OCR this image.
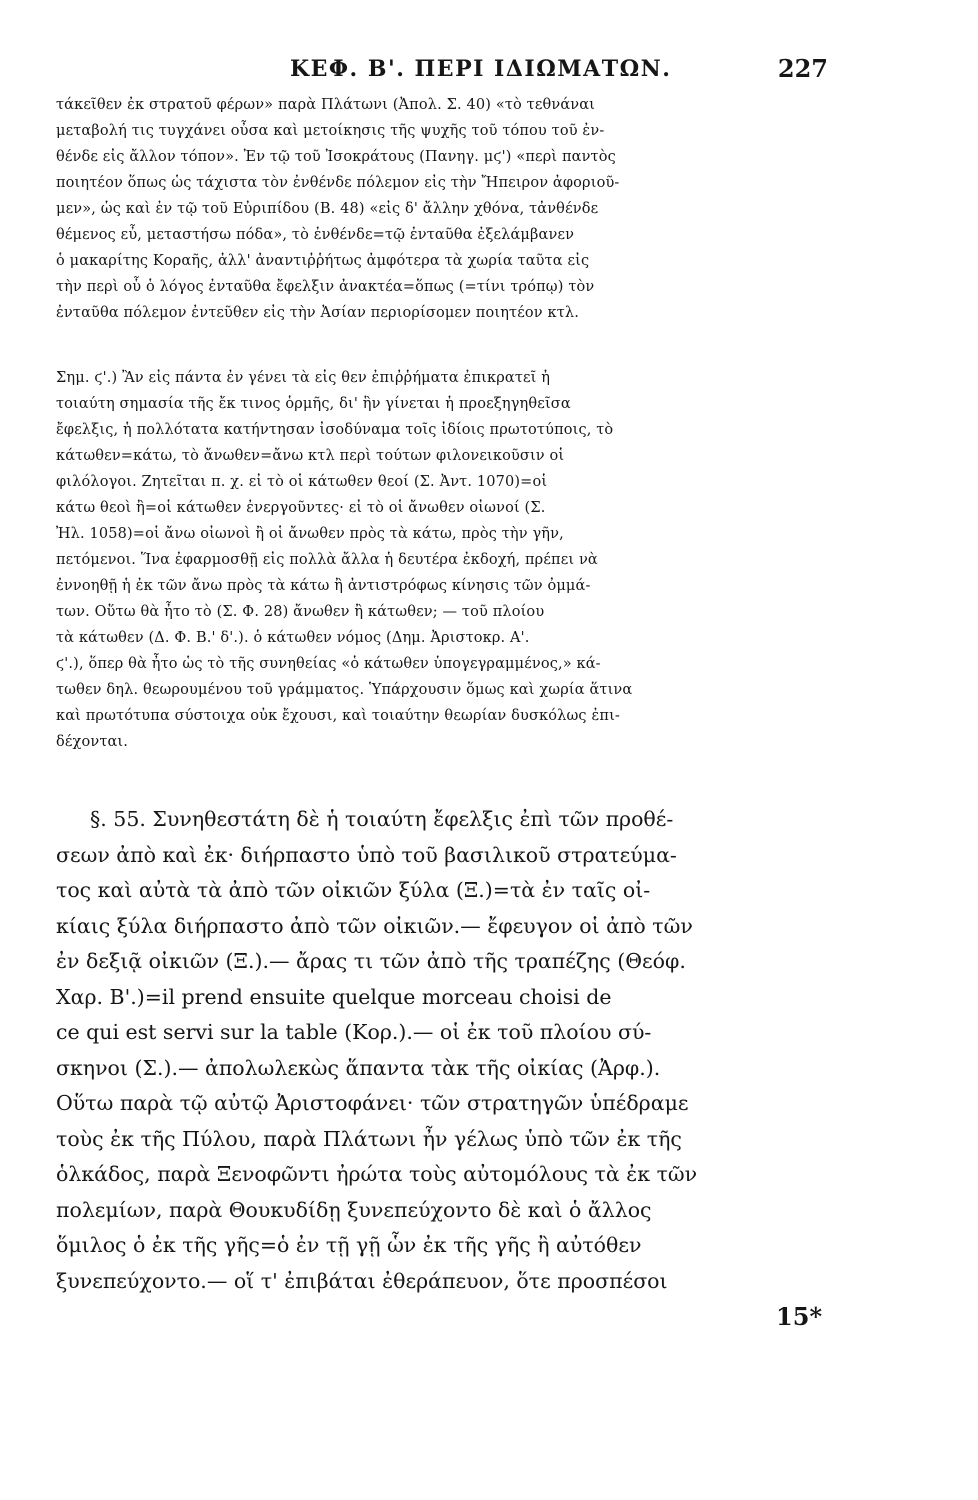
ΚΕΦ. Β'. ΠΕΡΙ ΙΔΙΩΜΑΤΩΝ.	227
τάκεῖθεν ἐκ στρατοῦ φέρων» παρὰ Πλάτωνι (Ἀπολ. Σ. 40) «τὸ τεθνάναι
μεταβολή τις τυγχάνει οὖσα καὶ μετοίκησις τῆς ψυχῆς τοῦ τόπου τοῦ ἐν-
θένδε εἰς ἄλλον τόπον». Ἐν τῷ τοῦ Ἰσοκράτους (Πανηγ. μϛ') «περὶ παντὸς
ποιητέον ὅπως ὡς τάχιστα τὸν ἐνθένδε πόλεμον εἰς τὴν Ἤπειρον ἀφοριοῦ-
μεν», ὡς καὶ ἐν τῷ τοῦ Εὐριπίδου (Β. 48) «εἰς δ' ἄλλην χθόνα, τἀνθένδε
θέμενος εὖ, μεταστήσω πόδα», τὸ ἐνθένδε=τῷ ἐνταῦθα ἐξελάμβανεν
ὁ μακαρίτης Κοραῆς, ἀλλ' ἀναντιῤῥήτως ἀμφότερα τὰ χωρία ταῦτα εἰς
τὴν περὶ οὗ ὁ λόγος ἐνταῦθα ἔφελξιν ἀνακτέα=ὅπως (=τίνι τρόπῳ) τὸν
ἐνταῦθα πόλεμον ἐντεῦθεν εἰς τὴν Ἀσίαν περιορίσομεν ποιητέον κτλ.
Σημ. ϛ'.) Ἂν εἰς πάντα ἐν γένει τὰ εἰς θεν ἐπιῤῥήματα ἐπικρατεῖ ἡ
τοιαύτη σημασία τῆς ἔκ τινος ὁρμῆς, δι' ἣν γίνεται ἡ προεξηγηθεῖσα
ἔφελξις, ἡ πολλότατα κατήντησαν ἰσοδύναμα τοῖς ἰδίοις πρωτοτύποις, τὸ
κάτωθεν=κάτω, τὸ ἄνωθεν=ἄνω κτλ περὶ τούτων φιλονεικοῦσιν οἱ
φιλόλογοι. Ζητεῖται π. χ. εἰ τὸ οἱ κάτωθεν θεοί (Σ. Ἀντ. 1070)=οἱ
κάτω θεοὶ ἢ=οἱ κάτωθεν ἐνεργοῦντες· εἰ τὸ οἱ ἄνωθεν οἰωνοί (Σ.
Ἠλ. 1058)=οἱ ἄνω οἰωνοὶ ἢ οἱ ἄνωθεν πρὸς τὰ κάτω, πρὸς τὴν γῆν,
πετόμενοι. Ἵνα ἐφαρμοσθῇ εἰς πολλὰ ἄλλα ἡ δευτέρα ἐκδοχή, πρέπει νὰ
ἐννοηθῇ ἡ ἐκ τῶν ἄνω πρὸς τὰ κάτω ἢ ἀντιστρόφως κίνησις τῶν ὀμμά-
των. Οὕτω θὰ ἦτο τὸ (Σ. Φ. 28) ἄνωθεν ἢ κάτωθεν; — τοῦ πλοίου
τὰ κάτωθεν (Δ. Φ. Β.' δ'.). ὁ κάτωθεν νόμος (Δημ. Ἀριστοκρ. Α'.
ϛ'.), ὅπερ θὰ ἦτο ὡς τὸ τῆς συνηθείας «ὁ κάτωθεν ὑπογεγραμμένος,» κά-
τωθεν δηλ. θεωρουμένου τοῦ γράμματος. Ὑπάρχουσιν ὅμως καὶ χωρία ἅτινα
καὶ πρωτότυπα σύστοιχα οὐκ ἔχουσι, καὶ τοιαύτην θεωρίαν δυσκόλως ἐπι-
δέχονται.
§. 55. Συνηθεστάτη δὲ ἡ τοιαύτη ἔφελξις ἐπὶ τῶν προθέ-
σεων ἀπὸ καὶ ἐκ· διήρπαστο ὑπὸ τοῦ βασιλικοῦ στρατεύμα-
τος καὶ αὐτὰ τὰ ἀπὸ τῶν οἰκιῶν ξύλα (Ξ.)=τὰ ἐν ταῖς οἰ-
κίαις ξύλα διήρπαστο ἀπὸ τῶν οἰκιῶν.— ἔφευγον οἱ ἀπὸ τῶν
ἐν δεξιᾷ οἰκιῶν (Ξ.).— ἄρας τι τῶν ἀπὸ τῆς τραπέζης (Θεόφ.
Χαρ. Β'.)=il prend ensuite quelque morceau choisi de
ce qui est servi sur la table (Κορ.).— οἱ ἐκ τοῦ πλοίου σύ-
σκηνοι (Σ.).— ἀπολωλεκὼς ἅπαντα τὰκ τῆς οἰκίας (Ἀρφ.).
Οὕτω παρὰ τῷ αὐτῷ Ἀριστοφάνει· τῶν στρατηγῶν ὑπέδραμε
τοὺς ἐκ τῆς Πύλου, παρὰ Πλάτωνι ἦν γέλως ὑπὸ τῶν ἐκ τῆς
ὁλκάδος, παρὰ Ξενοφῶντι ἠρώτα τοὺς αὐτομόλους τὰ ἐκ τῶν
πολεμίων, παρὰ Θουκυδίδῃ ξυνεπεύχοντο δὲ καὶ ὁ ἄλλος
ὅμιλος ὁ ἐκ τῆς γῆς=ὁ ἐν τῇ γῇ ὧν ἐκ τῆς γῆς ἢ αὐτόθεν
ξυνεπεύχοντο.— οἵ τ' ἐπιβάται ἐθεράπευον, ὅτε προσπέσοι
15*
